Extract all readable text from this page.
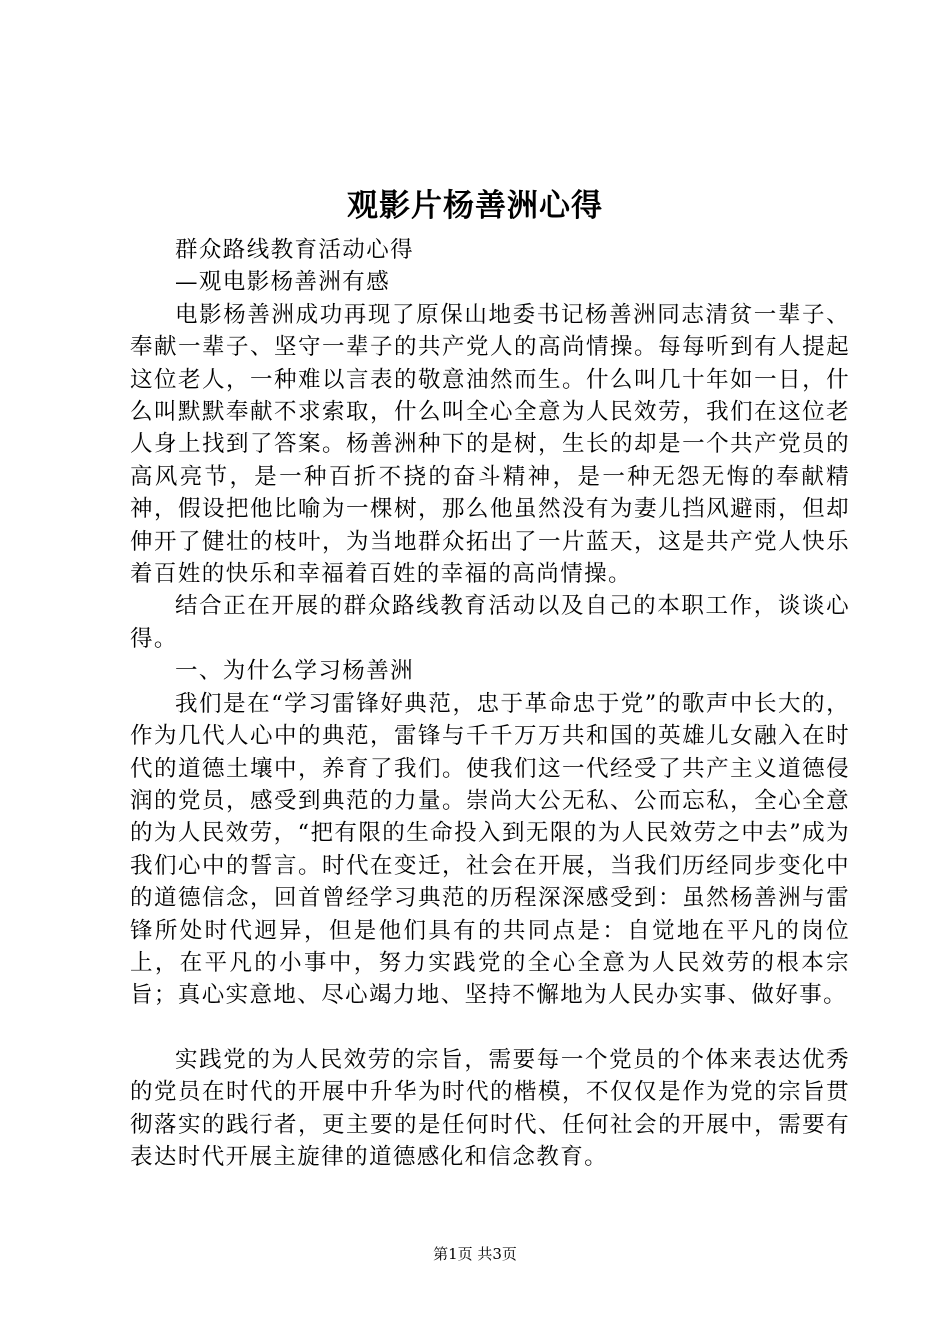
观影片杨善洲心得

群众路线教育活动心得

—观电影杨善洲有感

电影杨善洲成功再现了原保山地委书记杨善洲同志清贫一辈子、奉献一辈子、坚守一辈子的共产党人的高尚情操。每每听到有人提起这位老人，一种难以言表的敬意油然而生。什么叫几十年如一日，什么叫默默奉献不求索取，什么叫全心全意为人民效劳，我们在这位老人身上找到了答案。杨善洲种下的是树，生长的却是一个共产党员的高风亮节，是一种百折不挠的奋斗精神，是一种无怨无悔的奉献精神，假设把他比喻为一棵树，那么他虽然没有为妻儿挡风避雨，但却伸开了健壮的枝叶，为当地群众拓出了一片蓝天，这是共产党人快乐着百姓的快乐和幸福着百姓的幸福的高尚情操。

结合正在开展的群众路线教育活动以及自己的本职工作，谈谈心得。

一、为什么学习杨善洲

我们是在“学习雷锋好典范，忠于革命忠于党”的歌声中长大的，作为几代人心中的典范，雷锋与千千万万共和国的英雄儿女融入在时代的道德土壤中，养育了我们。使我们这一代经受了共产主义道德侵润的党员，感受到典范的力量。崇尚大公无私、公而忘私，全心全意的为人民效劳，“把有限的生命投入到无限的为人民效劳之中去”成为我们心中的誓言。时代在变迁，社会在开展，当我们历经同步变化中的道德信念，回首曾经学习典范的历程深深感受到：虽然杨善洲与雷锋所处时代迥异，但是他们具有的共同点是：自觉地在平凡的岗位上，在平凡的小事中，努力实践党的全心全意为人民效劳的根本宗旨；真心实意地、尽心竭力地、坚持不懈地为人民办实事、做好事。

实践党的为人民效劳的宗旨，需要每一个党员的个体来表达优秀的党员在时代的开展中升华为时代的楷模，不仅仅是作为党的宗旨贯彻落实的践行者，更主要的是任何时代、任何社会的开展中，需要有表达时代开展主旋律的道德感化和信念教育。

第1页 共3页
